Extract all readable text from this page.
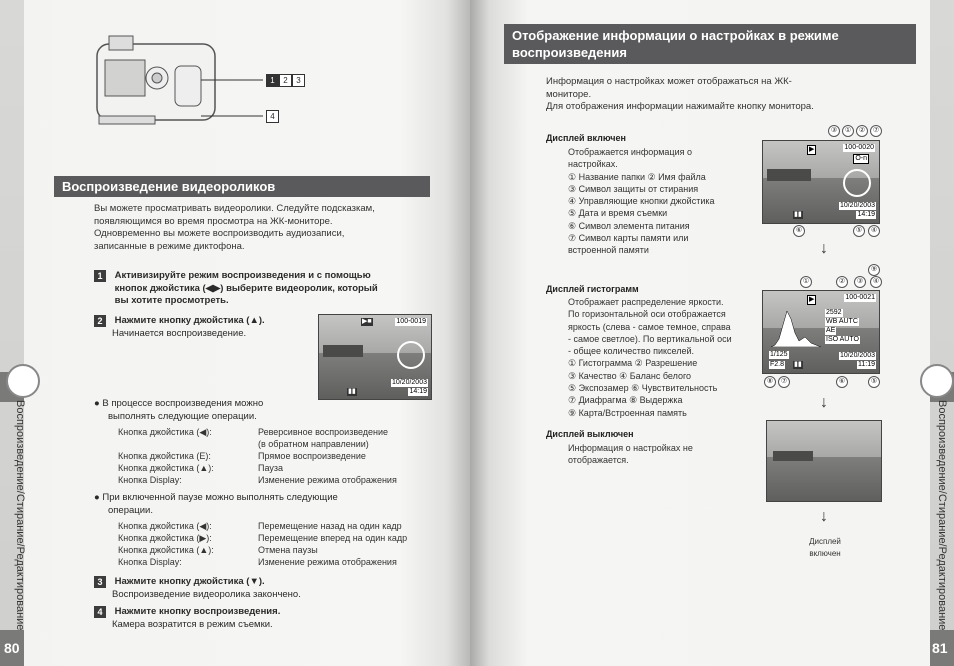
Воспроизведение/Стирание/Редактирование
80
1	2	3
4
Воспроизведение видеороликов
Вы можете просматривать видеоролики. Следуйте подсказкам,
появляющимся во время просмотра на ЖК-мониторе.
Одновременно вы можете воспроизводить аудиозаписи,
записанные в режиме диктофона.
1 Активизируйте режим воспроизведения и с помощью
кнопок джойстика (◀▶) выберите видеоролик, который
вы хотите просмотреть.
2 Нажмите кнопку джойстика (▲).
Начинается воспроизведение.
100-0019
▶■
10/20/2003
14:19
▮▮
● В процессе воспроизведения можно
выполнять следующие операции.
Кнопка джойстика (◀):	Реверсивное воспроизведение
(в обратном направлении)
Кнопка джойстика (Е):	Прямое воспроизведение
Кнопка джойстика (▲):	Пауза
Кнопка Display:	Изменение режима отображения
● При включенной паузе можно выполнять следующие
операции.
Кнопка джойстика (◀):	Перемещение назад на один кадр
Кнопка джойстика (▶):	Перемещение вперед на один кадр
Кнопка джойстика (▲):	Отмена паузы
Кнопка Display:	Изменение режима отображения
3 Нажмите кнопку джойстика (▼).
Воспроизведение видеоролика закончено.
4 Нажмите кнопку воспроизведения.
Камера возратится в режим съемки.
Отображение информации о настройках в режиме
воспроизведения
Информация о настройках может отображаться на ЖК-
мониторе.
Для отображения информации нажимайте кнопку монитора.
Дисплей включен
Отображается информация о
настройках.
① Название папки ② Имя файла
③ Символ защиты от стирания
④ Управляющие кнопки джойстика
⑤ Дата и время съемки
⑥ Символ элемента питания
⑦ Символ карты памяти или
встроенной памяти
③	①	②	⑦
▶	100-0020
O-n
10/20/2003
14:19
▮▮
⑥	⑤	④
↓
Дисплей гистограмм
Отображает распределение яркости.
По горизонтальной оси отображается
яркость (слева - самое темное, справа
- самое светлое). По вертикальной оси
- общее количество пикселей.
① Гистограмма ② Разрешение
③ Качество ④ Баланс белого
⑤ Экспозамер ⑥ Чувствительность
⑦ Диафрагма ⑧ Выдержка
⑨ Карта/Встроенная память
⑨
①	②	③	④
▶	100-0021
2592
WB AUTC
AE
ISO AUTO
1/125
F2.8 ▮▮
10/20/2003
11:19
⑧	⑦	⑥	⑤
↓
Дисплей выключен
Информация о настройках не
отображается.
↓
Дисплей
включен	Воспроизведение/Стирание/Редактирование
81
